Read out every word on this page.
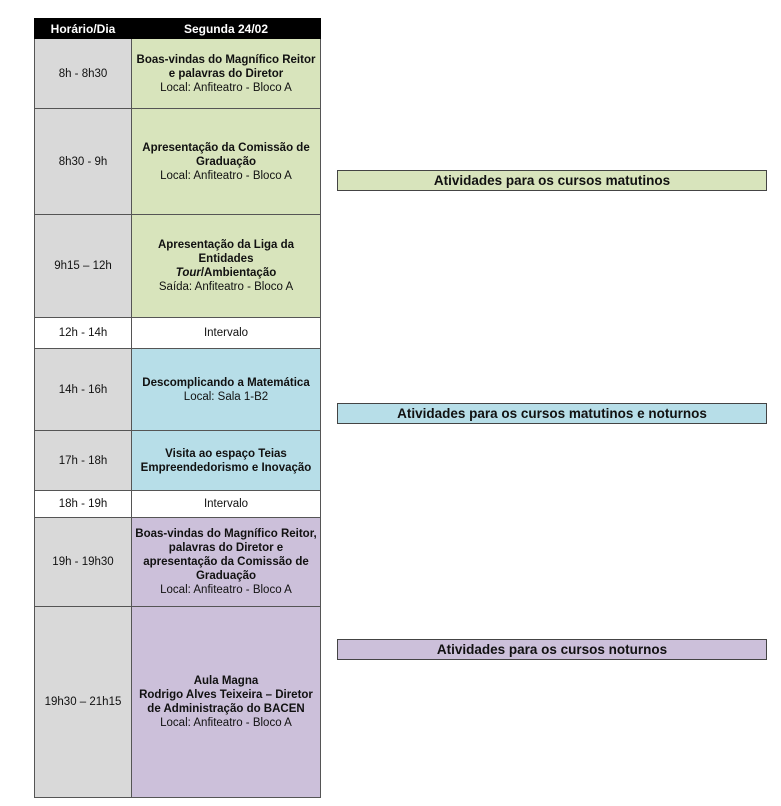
Horário/Dia	Segunda 24/02
8h - 8h30	Boas-vindas do Magnífico Reitor e palavras do Diretor
Local: Anfiteatro - Bloco A

8h30 - 9h	Apresentação da Comissão de Graduação
Local: Anfiteatro - Bloco A

9h15 – 12h	Apresentação da Liga da Entidades
Tour/Ambientação
Saída: Anfiteatro - Bloco A

12h - 14h	Intervalo
14h - 16h	Descomplicando a Matemática
Local: Sala 1-B2

17h - 18h	Visita ao espaço Teias Empreendedorismo e Inovação

18h - 19h	Intervalo
19h - 19h30	Boas-vindas do Magnífico Reitor, palavras do Diretor e apresentação da Comissão de Graduação
Local: Anfiteatro - Bloco A

19h30 – 21h15	Aula Magna
Rodrigo Alves Teixeira – Diretor de Administração do BACEN
Local: Anfiteatro - Bloco A
Atividades para os cursos matutinos
Atividades para os cursos matutinos e noturnos
Atividades para os cursos noturnos
